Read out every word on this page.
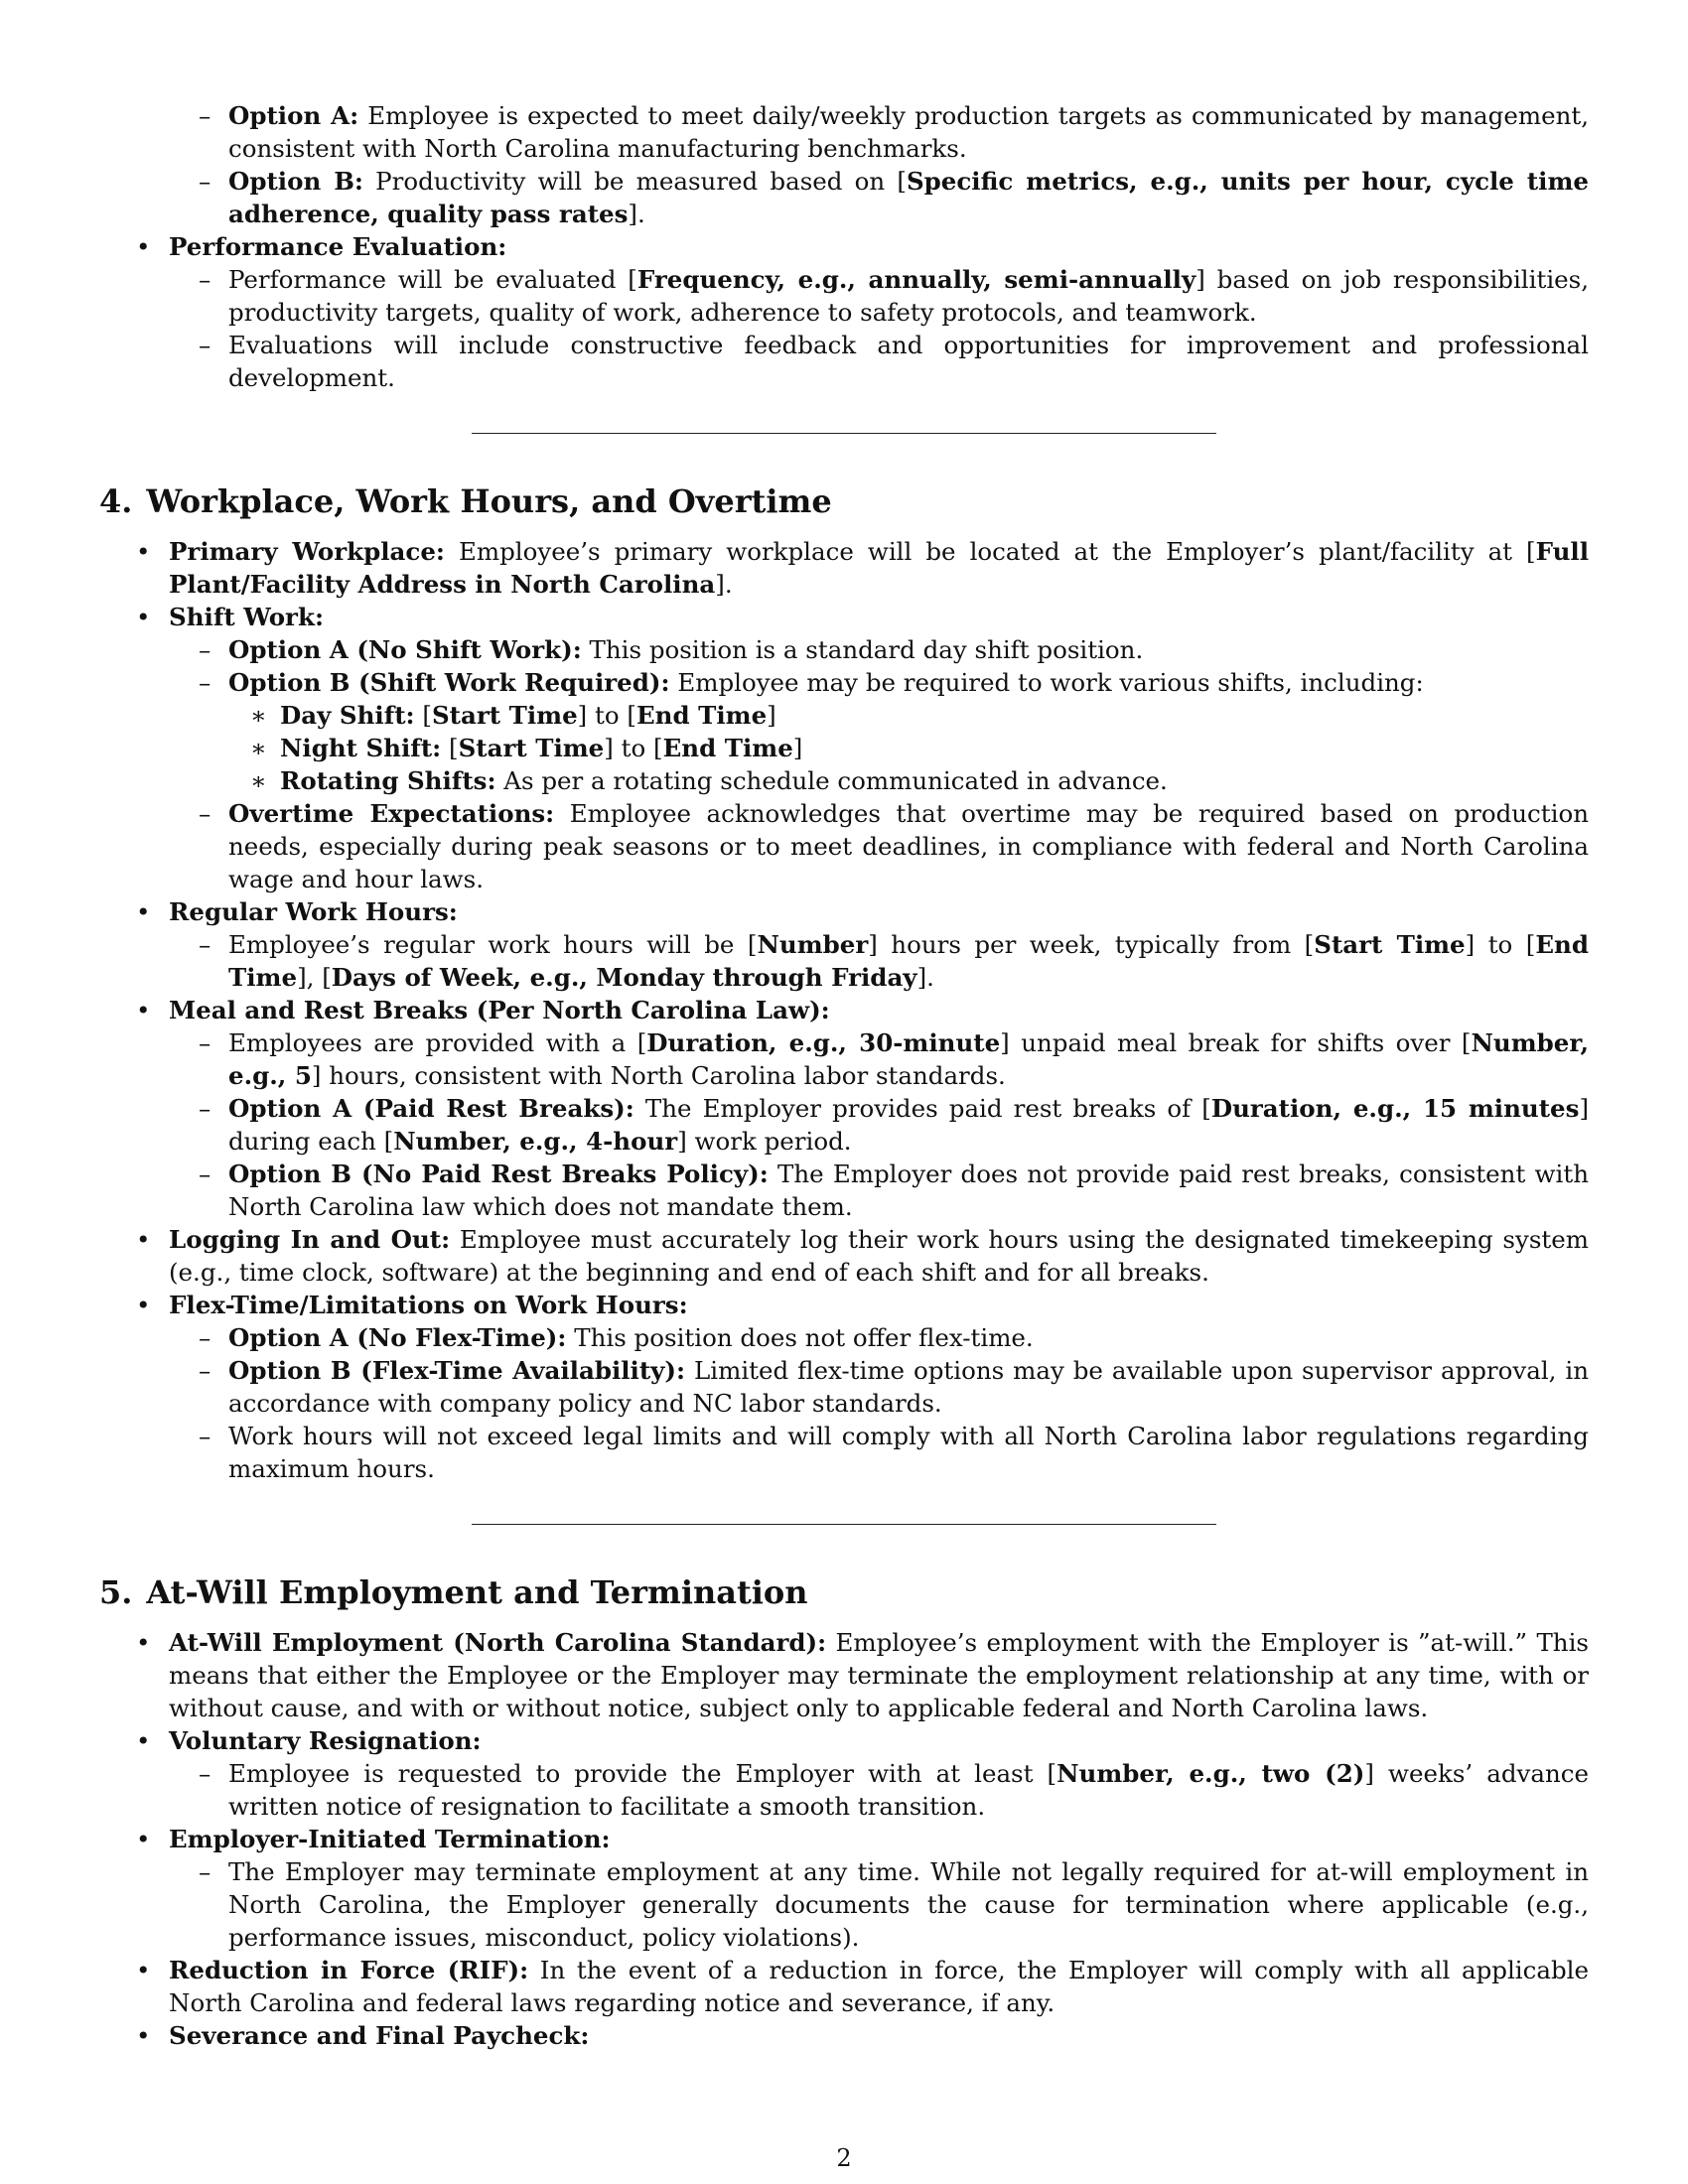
– Option A: Employee is expected to meet daily/weekly production targets as communicated by management, consistent with North Carolina manufacturing benchmarks.
– Option B: Productivity will be measured based on [Specific metrics, e.g., units per hour, cycle time adherence, quality pass rates].
• Performance Evaluation:
– Performance will be evaluated [Frequency, e.g., annually, semi-annually] based on job responsibilities, productivity targets, quality of work, adherence to safety protocols, and teamwork.
– Evaluations will include constructive feedback and opportunities for improvement and professional development.
4. Workplace, Work Hours, and Overtime
• Primary Workplace: Employee’s primary workplace will be located at the Employer’s plant/facility at [Full Plant/Facility Address in North Carolina].
• Shift Work:
– Option A (No Shift Work): This position is a standard day shift position.
– Option B (Shift Work Required): Employee may be required to work various shifts, including:
∗ Day Shift: [Start Time] to [End Time]
∗ Night Shift: [Start Time] to [End Time]
∗ Rotating Shifts: As per a rotating schedule communicated in advance.
– Overtime Expectations: Employee acknowledges that overtime may be required based on production needs, especially during peak seasons or to meet deadlines, in compliance with federal and North Carolina wage and hour laws.
• Regular Work Hours:
– Employee’s regular work hours will be [Number] hours per week, typically from [Start Time] to [End Time], [Days of Week, e.g., Monday through Friday].
• Meal and Rest Breaks (Per North Carolina Law):
– Employees are provided with a [Duration, e.g., 30-minute] unpaid meal break for shifts over [Number, e.g., 5] hours, consistent with North Carolina labor standards.
– Option A (Paid Rest Breaks): The Employer provides paid rest breaks of [Duration, e.g., 15 minutes] during each [Number, e.g., 4-hour] work period.
– Option B (No Paid Rest Breaks Policy): The Employer does not provide paid rest breaks, consistent with North Carolina law which does not mandate them.
• Logging In and Out: Employee must accurately log their work hours using the designated timekeeping system (e.g., time clock, software) at the beginning and end of each shift and for all breaks.
• Flex-Time/Limitations on Work Hours:
– Option A (No Flex-Time): This position does not offer flex-time.
– Option B (Flex-Time Availability): Limited flex-time options may be available upon supervisor approval, in accordance with company policy and NC labor standards.
– Work hours will not exceed legal limits and will comply with all North Carolina labor regulations regarding maximum hours.
5. At-Will Employment and Termination
• At-Will Employment (North Carolina Standard): Employee’s employment with the Employer is ”at-will.” This means that either the Employee or the Employer may terminate the employment relationship at any time, with or without cause, and with or without notice, subject only to applicable federal and North Carolina laws.
• Voluntary Resignation:
– Employee is requested to provide the Employer with at least [Number, e.g., two (2)] weeks’ advance written notice of resignation to facilitate a smooth transition.
• Employer-Initiated Termination:
– The Employer may terminate employment at any time. While not legally required for at-will employment in North Carolina, the Employer generally documents the cause for termination where applicable (e.g., performance issues, misconduct, policy violations).
• Reduction in Force (RIF): In the event of a reduction in force, the Employer will comply with all applicable North Carolina and federal laws regarding notice and severance, if any.
• Severance and Final Paycheck:
2
